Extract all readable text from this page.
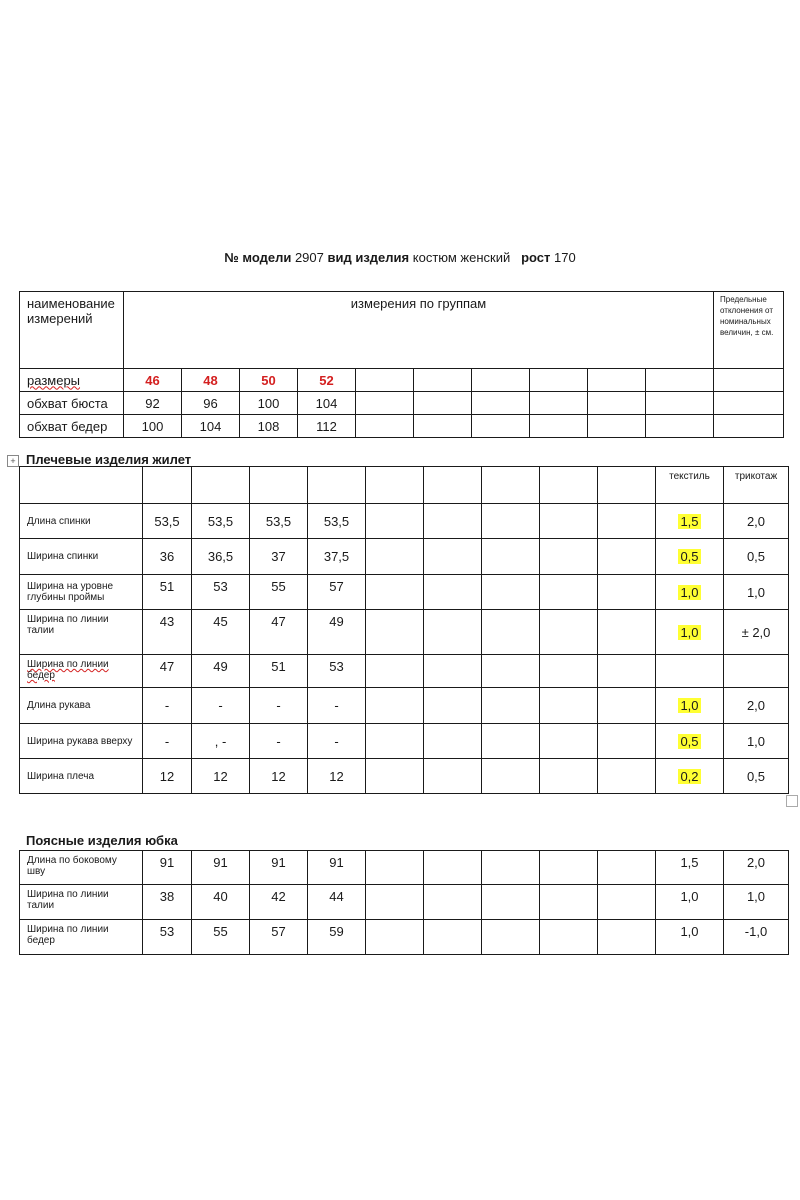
№ модели 2907 вид изделия костюм женский рост 170
наименование измерений	измерения по группам										Предельные отклонения от номинальных величин, ± см.
размеры	46	48	50	52							
обхват бюста	92	96	100	104							
обхват бедер	100	104	108	112							
+ Плечевые изделия жилет
										текстиль	трикотаж
Длина спинки	53,5	53,5	53,5	53,5						1,5	2,0
Ширина спинки	36	36,5	37	37,5						0,5	0,5
Ширина на уровне глубины проймы	51	53	55	57						1,0	1,0
Ширина по линии талии	43	45	47	49						1,0	± 2,0
Ширина по линии бедер	47	49	51	53							
Длина рукава	-	-	-	-						1,0	2,0
Ширина рукава вверху	-	, -	-	-						0,5	1,0
Ширина плеча	12	12	12	12						0,2	0,5
Поясные изделия юбка
Длина по боковому шву	91	91	91	91						1,5	2,0
Ширина по линии талии	38	40	42	44						1,0	1,0
Ширина по линии бедер	53	55	57	59						1,0	-1,0
